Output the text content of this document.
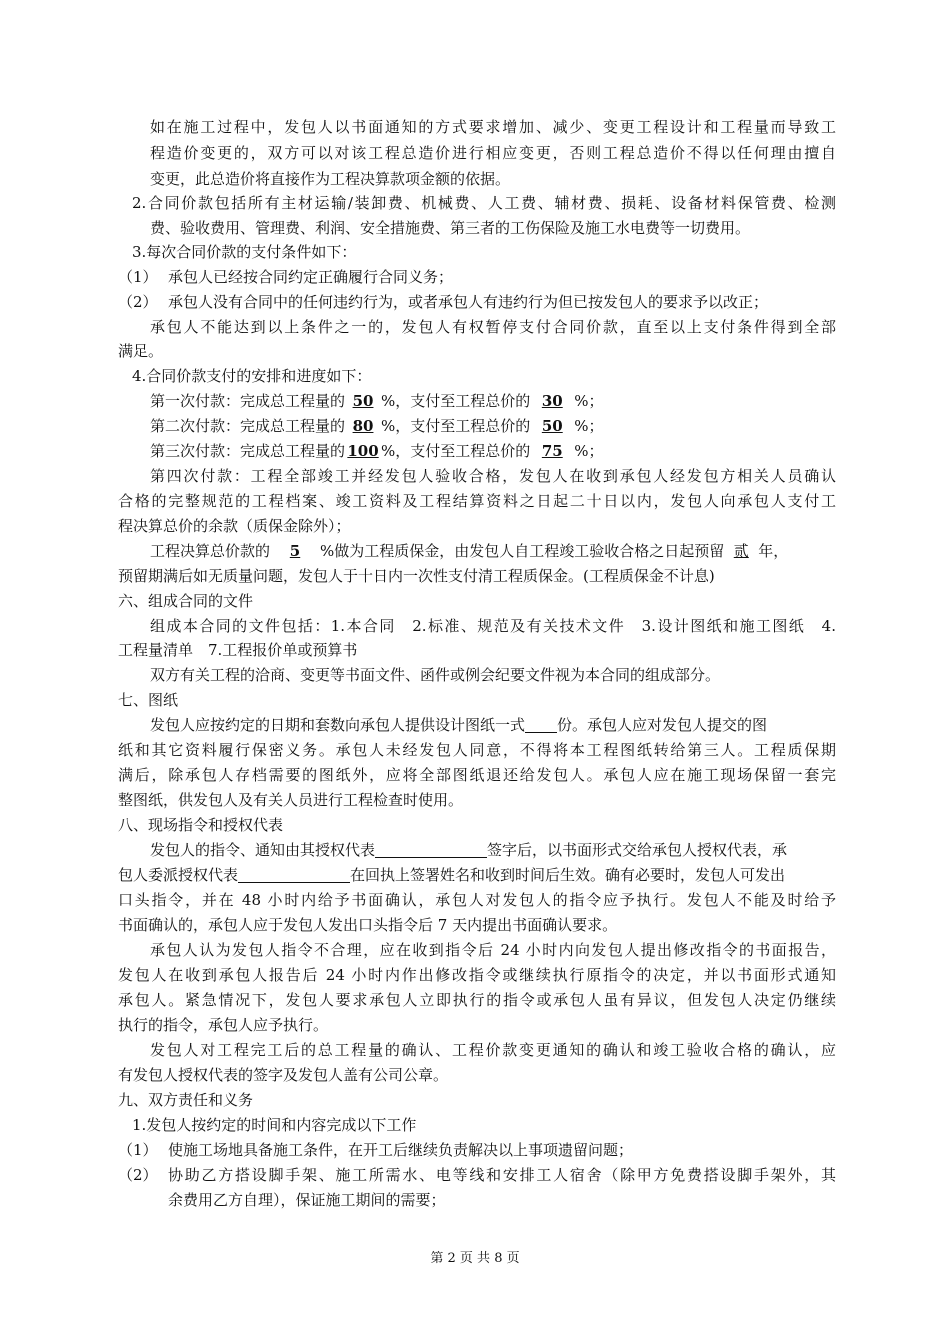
如在施工过程中，发包人以书面通知的方式要求增加、减少、变更工程设计和工程量而导致工
程造价变更的，双方可以对该工程总造价进行相应变更，否则工程总造价不得以任何理由擅自
变更，此总造价将直接作为工程决算款项金额的依据。
2.合同价款包括所有主材运输/装卸费、机械费、人工费、辅材费、损耗、设备材料保管费、检测
费、验收费用、管理费、利润、安全措施费、第三者的工伤保险及施工水电费等一切费用。
3.每次合同价款的支付条件如下：
（1） 承包人已经按合同约定正确履行合同义务；
（2） 承包人没有合同中的任何违约行为，或者承包人有违约行为但已按发包人的要求予以改正；
承包人不能达到以上条件之一的，发包人有权暂停支付合同价款，直至以上支付条件得到全部
满足。
4.合同价款支付的安排和进度如下：
第一次付款：完成总工程量的 50 %，支付至工程总价的 30 %；
第二次付款：完成总工程量的 80 %，支付至工程总价的 50 %；
第三次付款：完成总工程量的 100 %，支付至工程总价的 75 %；
第四次付款：工程全部竣工并经发包人验收合格，发包人在收到承包人经发包方相关人员确认
合格的完整规范的工程档案、竣工资料及工程结算资料之日起二十日以内，发包人向承包人支付工
程决算总价的余款（质保金除外）；
工程决算总价款的 5 %做为工程质保金，由发包人自工程竣工验收合格之日起预留 贰 年，
预留期满后如无质量问题，发包人于十日内一次性支付清工程质保金。(工程质保金不计息)
六、组成合同的文件
组成本合同的文件包括：1.本合同　2.标准、规范及有关技术文件　3.设计图纸和施工图纸　4.
工程量清单　7.工程报价单或预算书
双方有关工程的洽商、变更等书面文件、函件或例会纪要文件视为本合同的组成部分。
七、图纸
发包人应按约定的日期和套数向承包人提供设计图纸一式 份。承包人应对发包人提交的图
纸和其它资料履行保密义务。承包人未经发包人同意，不得将本工程图纸转给第三人。工程质保期
满后，除承包人存档需要的图纸外，应将全部图纸退还给发包人。承包人应在施工现场保留一套完
整图纸，供发包人及有关人员进行工程检查时使用。
八、现场指令和授权代表
发包人的指令、通知由其授权代表	签字后，以书面形式交给承包人授权代表，承
包人委派授权代表	在回执上签署姓名和收到时间后生效。确有必要时，发包人可发出
口头指令，并在 48 小时内给予书面确认，承包人对发包人的指令应予执行。发包人不能及时给予
书面确认的，承包人应于发包人发出口头指令后 7 天内提出书面确认要求。
承包人认为发包人指令不合理，应在收到指令后 24 小时内向发包人提出修改指令的书面报告，
发包人在收到承包人报告后 24 小时内作出修改指令或继续执行原指令的决定，并以书面形式通知
承包人。紧急情况下，发包人要求承包人立即执行的指令或承包人虽有异议，但发包人决定仍继续
执行的指令，承包人应予执行。
发包人对工程完工后的总工程量的确认、工程价款变更通知的确认和竣工验收合格的确认，应
有发包人授权代表的签字及发包人盖有公司公章。
九、双方责任和义务
1.发包人按约定的时间和内容完成以下工作
（1） 使施工场地具备施工条件，在开工后继续负责解决以上事项遗留问题；
（2） 协助乙方搭设脚手架、施工所需水、电等线和安排工人宿舍（除甲方免费搭设脚手架外，其
余费用乙方自理），保证施工期间的需要；
第 2 页 共 8 页
